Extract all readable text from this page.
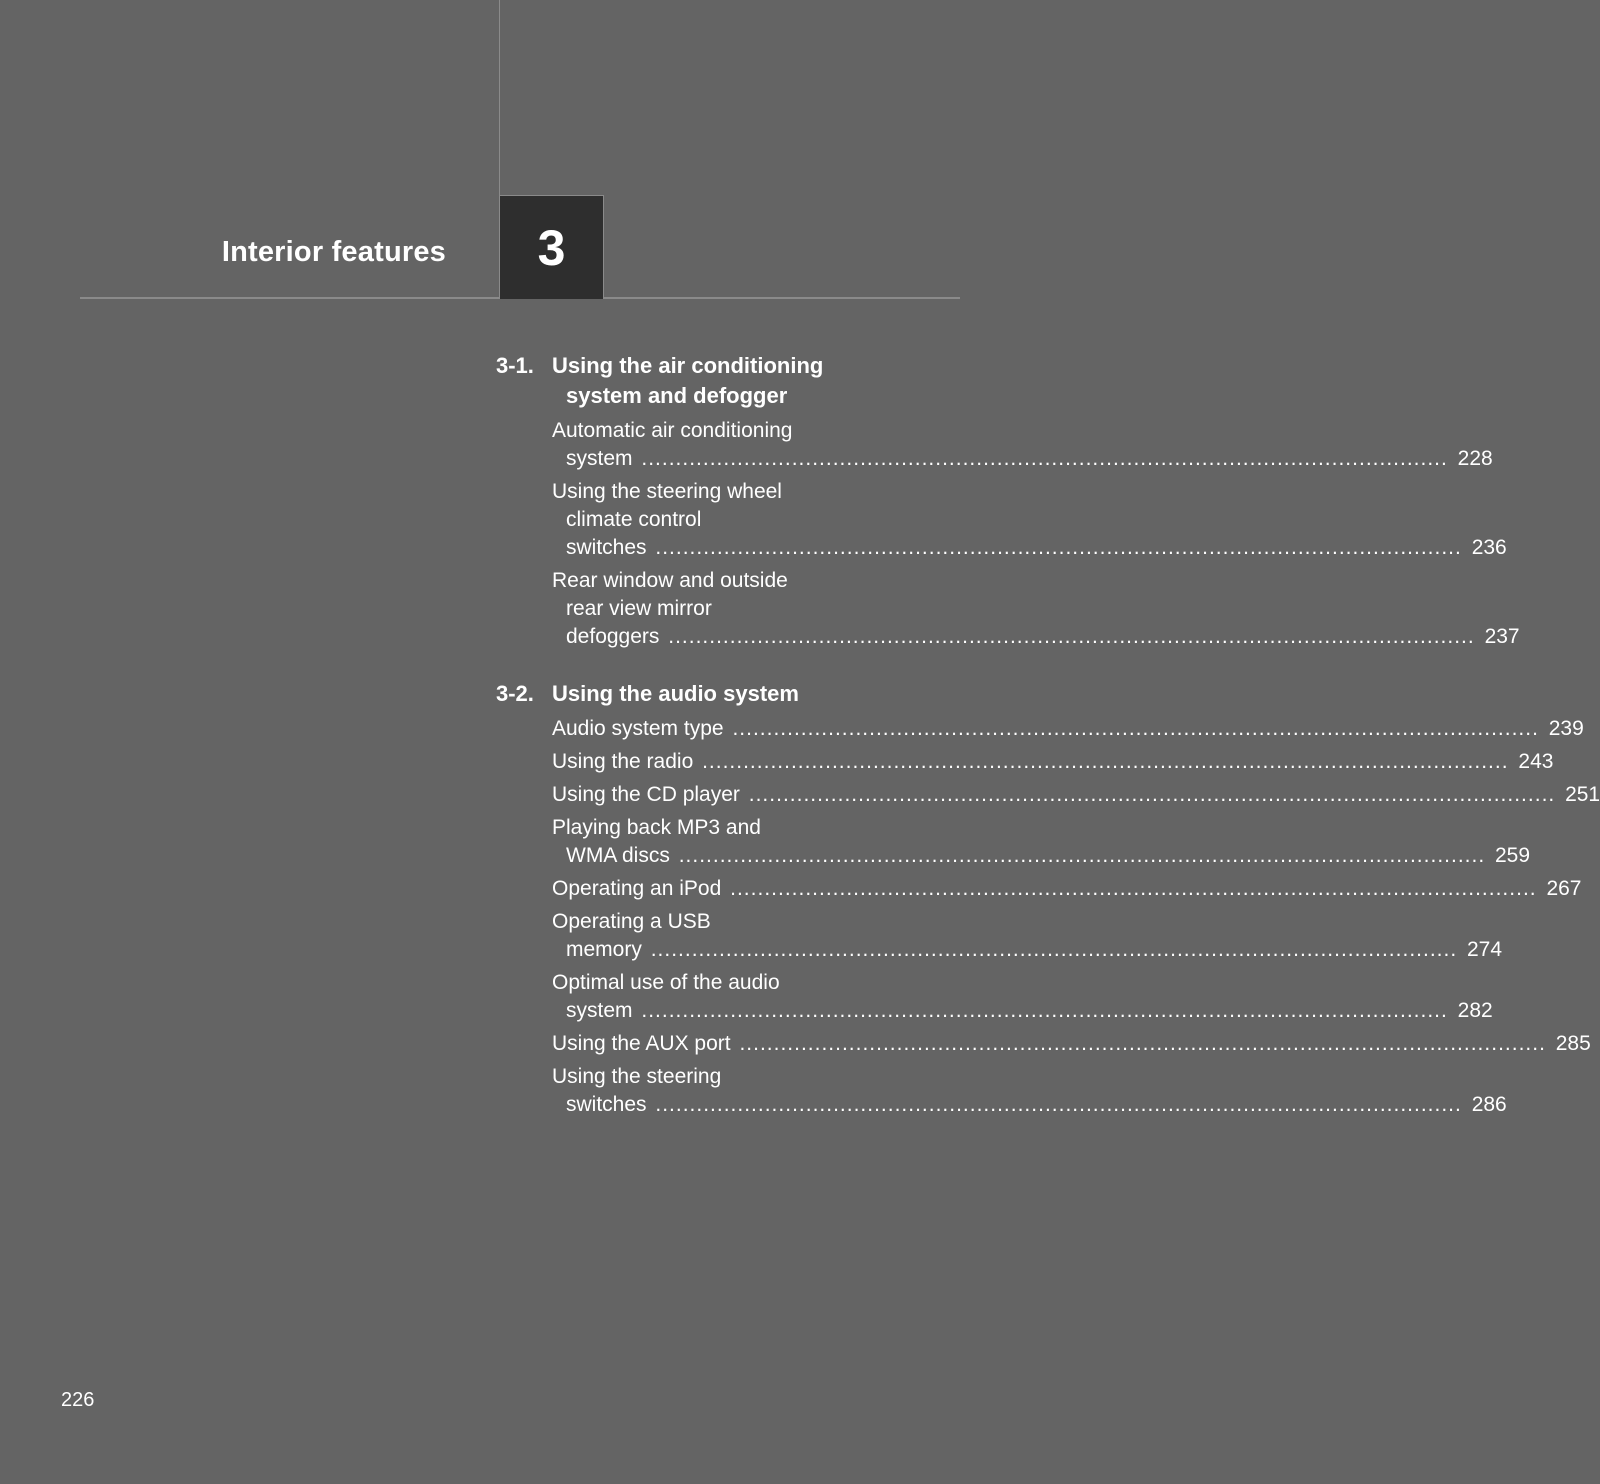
Interior features 3
3-1. Using the air conditioning
system and defogger
Automatic air conditioning
system .....	228
Using the steering wheel
climate control
switches .....	236
Rear window and outside
rear view mirror
defoggers .....	237
3-2. Using the audio system
Audio system type .....	239
Using the radio .....	243
Using the CD player .....	251
Playing back MP3 and
WMA discs .....	259
Operating an iPod .....	267
Operating a USB
memory .....	274
Optimal use of the audio
system .....	282
Using the AUX port .....	285
Using the steering
switches .....	286
226
